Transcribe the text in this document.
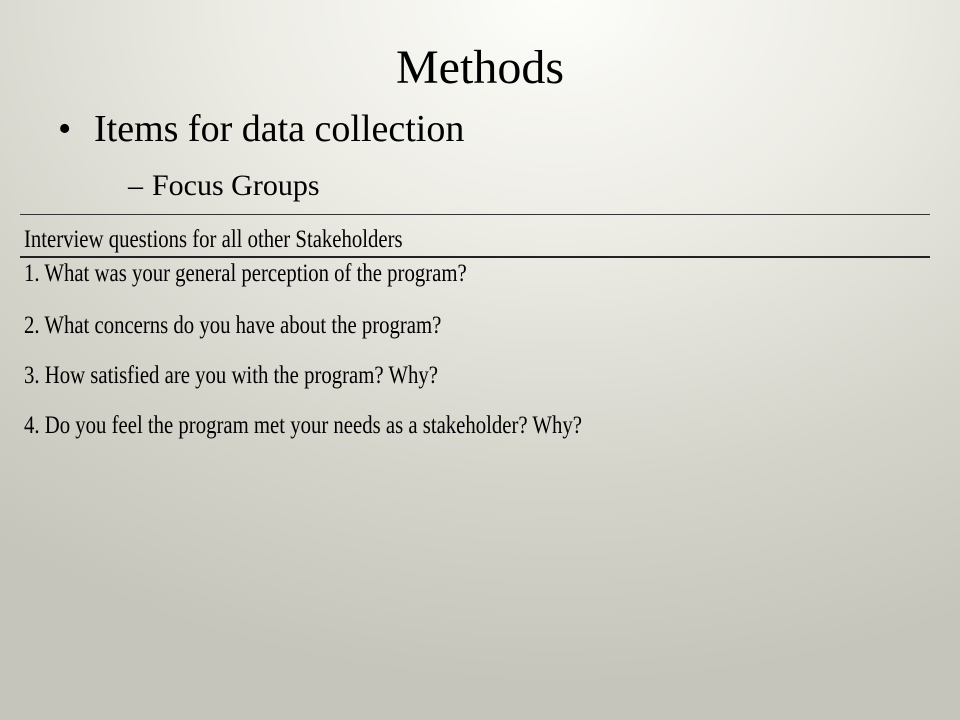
Methods
• Items for data collection
– Focus Groups
Interview questions for all other Stakeholders
1. What was your general perception of the program?
2. What concerns do you have about the program?
3. How satisfied are you with the program? Why?
4. Do you feel the program met your needs as a stakeholder? Why?
